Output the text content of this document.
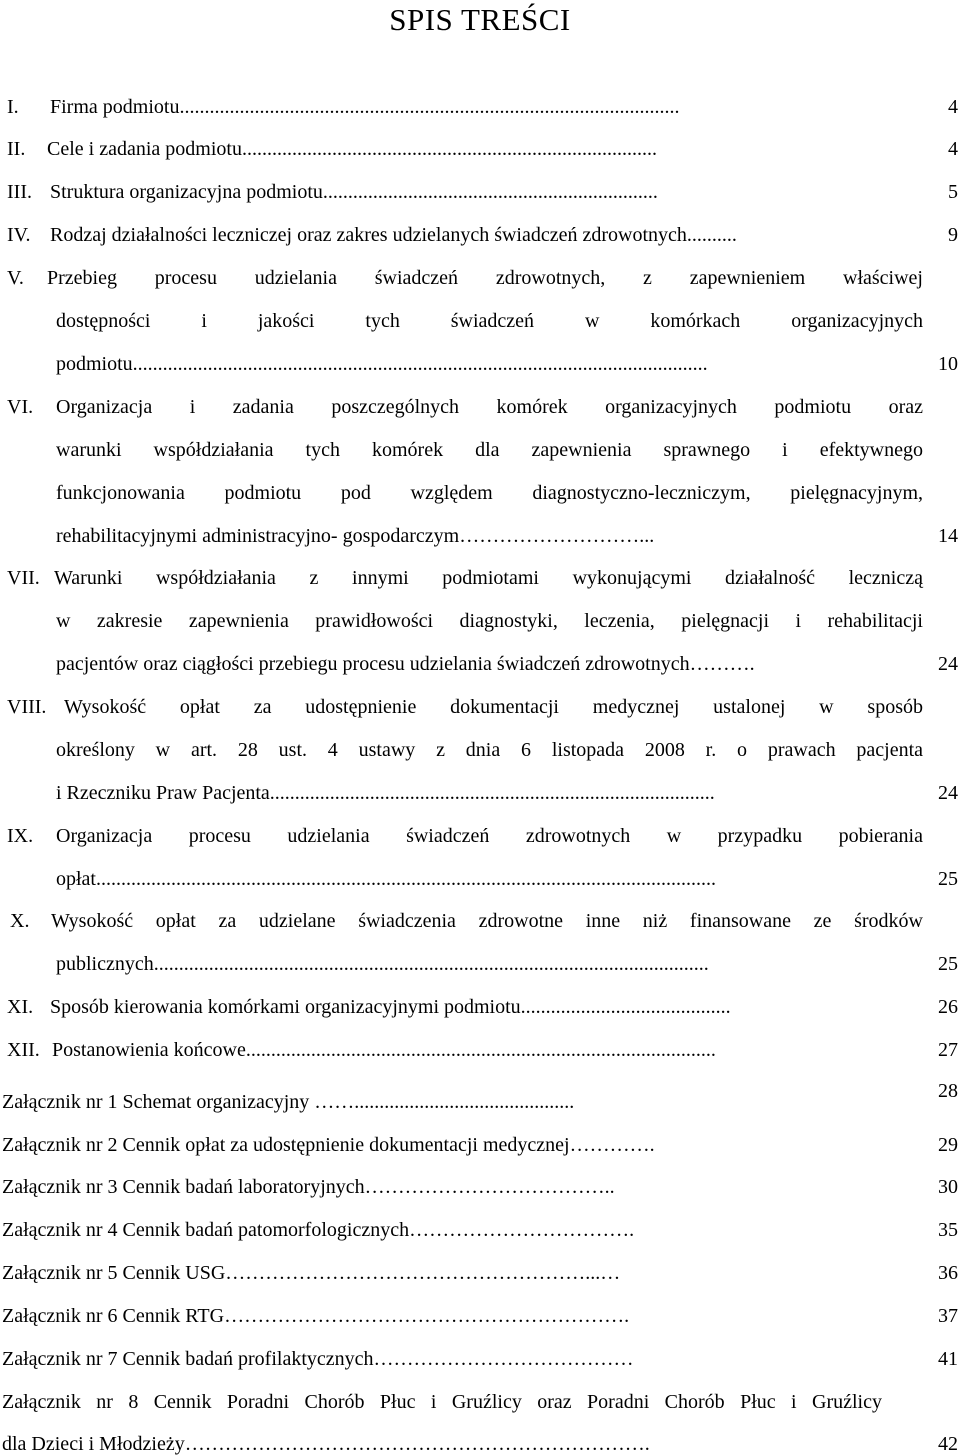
SPIS TREŚCI
I. Firma podmiotu....................................................................................................	4
II. Cele i zadania podmiotu...................................................................................	4
III. Struktura organizacyjna podmiotu...................................................................	5
IV. Rodzaj działalności leczniczej oraz zakres udzielanych świadczeń zdrowotnych..........	9
V. Przebieg procesu udzielania świadczeń zdrowotnych, z zapewnieniem właściwej
dostępności i jakości tych świadczeń w komórkach organizacyjnych
podmiotu...................................................................................................................	10
VI. Organizacja i zadania poszczególnych komórek organizacyjnych podmiotu oraz
warunki współdziałania tych komórek dla zapewnienia sprawnego i efektywnego
funkcjonowania podmiotu pod względem diagnostyczno-leczniczym, pielęgnacyjnym,
rehabilitacyjnymi administracyjno- gospodarczym………………………...	14
VII. Warunki współdziałania z innymi podmiotami wykonującymi działalność leczniczą
w zakresie zapewnienia prawidłowości diagnostyki, leczenia, pielęgnacji i rehabilitacji
pacjentów oraz ciągłości przebiegu procesu udzielania świadczeń zdrowotnych……….	24
VIII. Wysokość opłat za udostępnienie dokumentacji medycznej ustalonej w sposób
określony w art. 28 ust. 4 ustawy z dnia 6 listopada 2008 r. o prawach pacjenta
i Rzeczniku Praw Pacjenta.........................................................................................	24
IX. Organizacja procesu udzielania świadczeń zdrowotnych w przypadku pobierania
opłat............................................................................................................................	25
X. Wysokość opłat za udzielane świadczenia zdrowotne inne niż finansowane ze środków
publicznych...............................................................................................................	25
XI. Sposób kierowania komórkami organizacyjnymi podmiotu..........................................	26
XII. Postanowienia końcowe..............................................................................................	27
Załącznik nr 1 Schemat organizacyjny ……............................................	28
Załącznik nr 2 Cennik opłat za udostępnienie dokumentacji medycznej………….	29
Załącznik nr 3 Cennik badań laboratoryjnych………………………………..	30
Załącznik nr 4 Cennik badań patomorfologicznych…………………………….	35
Załącznik nr 5 Cennik USG………………………………………………...…	36
Załącznik nr 6 Cennik RTG…………………………………………………….	37
Załącznik nr 7 Cennik badań profilaktycznych…………………………………	41
Załącznik nr 8 Cennik Poradni Chorób Płuc i Gruźlicy oraz Poradni Chorób Płuc i Gruźlicy
dla Dzieci i Młodzieży…………………………………………………………….	42
